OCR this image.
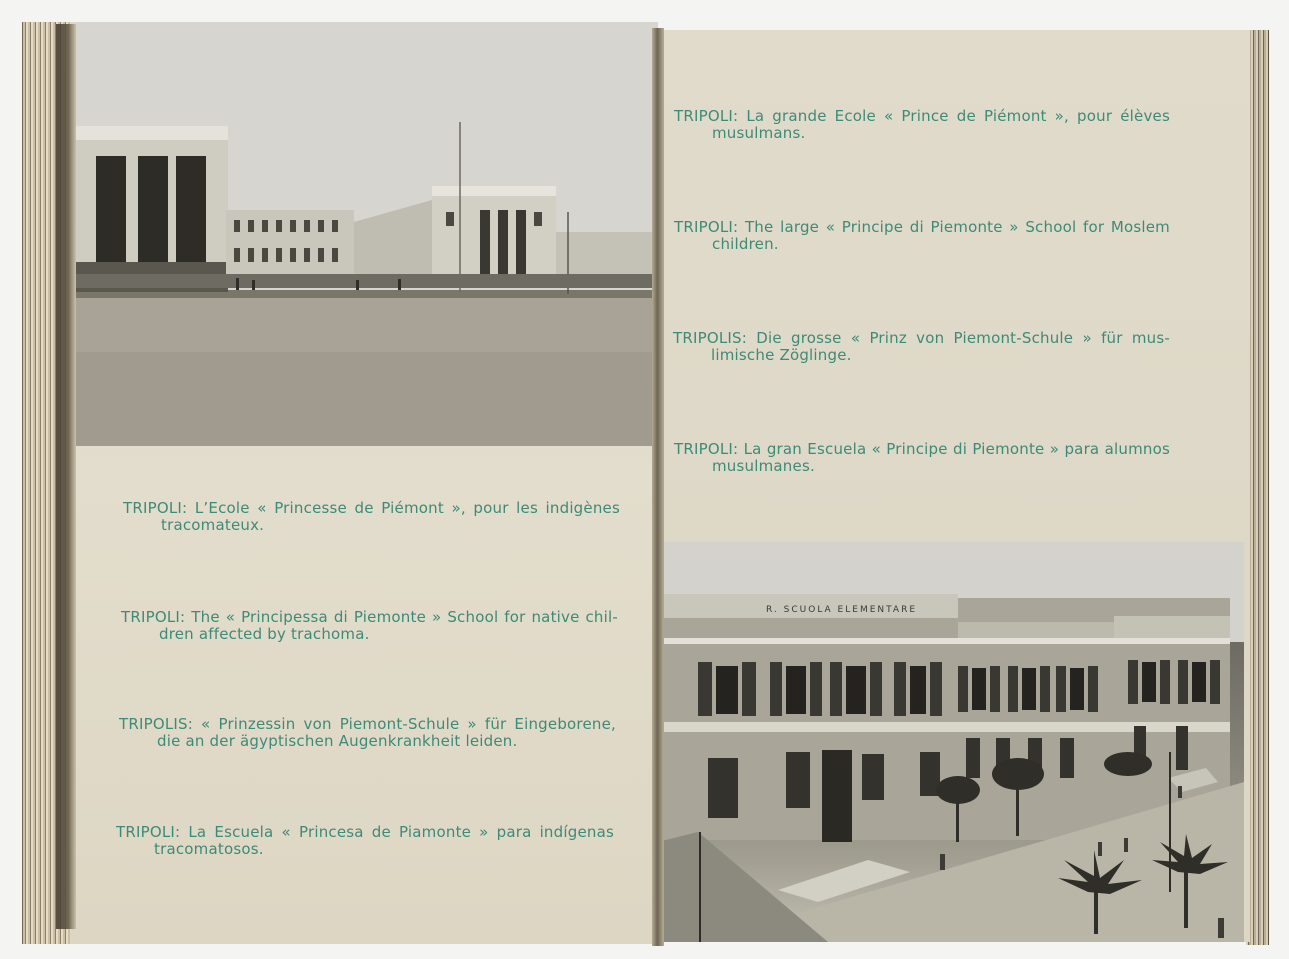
TRIPOLI: L’Ecole « Princesse de Piémont », pour les indigènes
tracomateux.
TRIPOLI: The « Principessa di Piemonte » School for native chil-
dren affected by trachoma.
TRIPOLIS: « Prinzessin von Piemont-Schule » für Eingeborene,
die an der ägyptischen Augenkrankheit leiden.
TRIPOLI: La Escuela « Princesa de Piamonte » para indígenas
tracomatosos.
TRIPOLI: La grande Ecole « Prince de Piémont », pour élèves
musulmans.
TRIPOLI: The large « Principe di Piemonte » School for Moslem
children.
TRIPOLIS: Die grosse « Prinz von Piemont-Schule » für mus-
limische Zöglinge.
TRIPOLI: La gran Escuela « Principe di Piemonte » para alumnos
musulmanes.
R. SCUOLA ELEMENTARE
